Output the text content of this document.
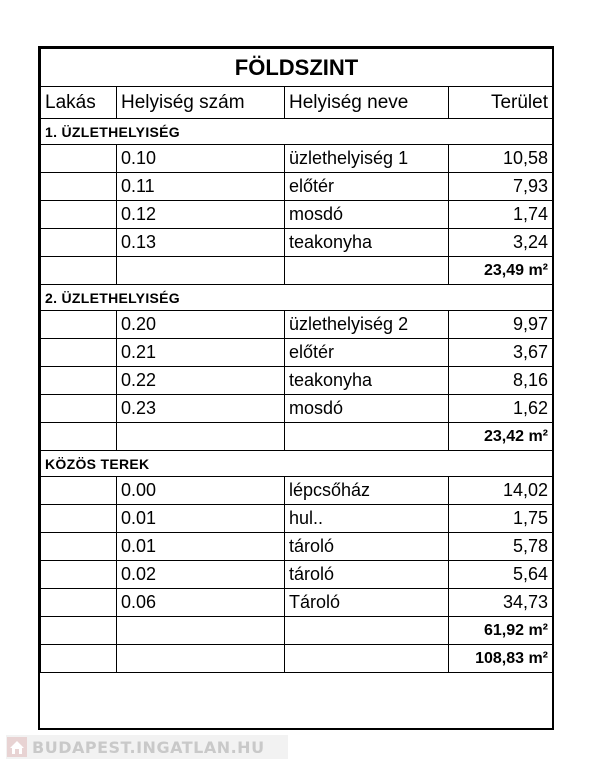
FÖLDSZINT			
Lakás	Helyiség szám	Helyiség neve	Terület
1. ÜZLETHELYISÉG			
	0.10	üzlethelyiség 1	10,58
	0.11	előtér	7,93
	0.12	mosdó	1,74
	0.13	teakonyha	3,24
			23,49 m²
2. ÜZLETHELYISÉG			
	0.20	üzlethelyiség 2	9,97
	0.21	előtér	3,67
	0.22	teakonyha	8,16
	0.23	mosdó	1,62
			23,42 m²
KÖZÖS TEREK			
	0.00	lépcsőház	14,02
	0.01	hul..	1,75
	0.01	tároló	5,78
	0.02	tároló	5,64
	0.06	Tároló	34,73
			61,92 m²
			108,83 m²
BUDAPEST.INGATLAN.HU
